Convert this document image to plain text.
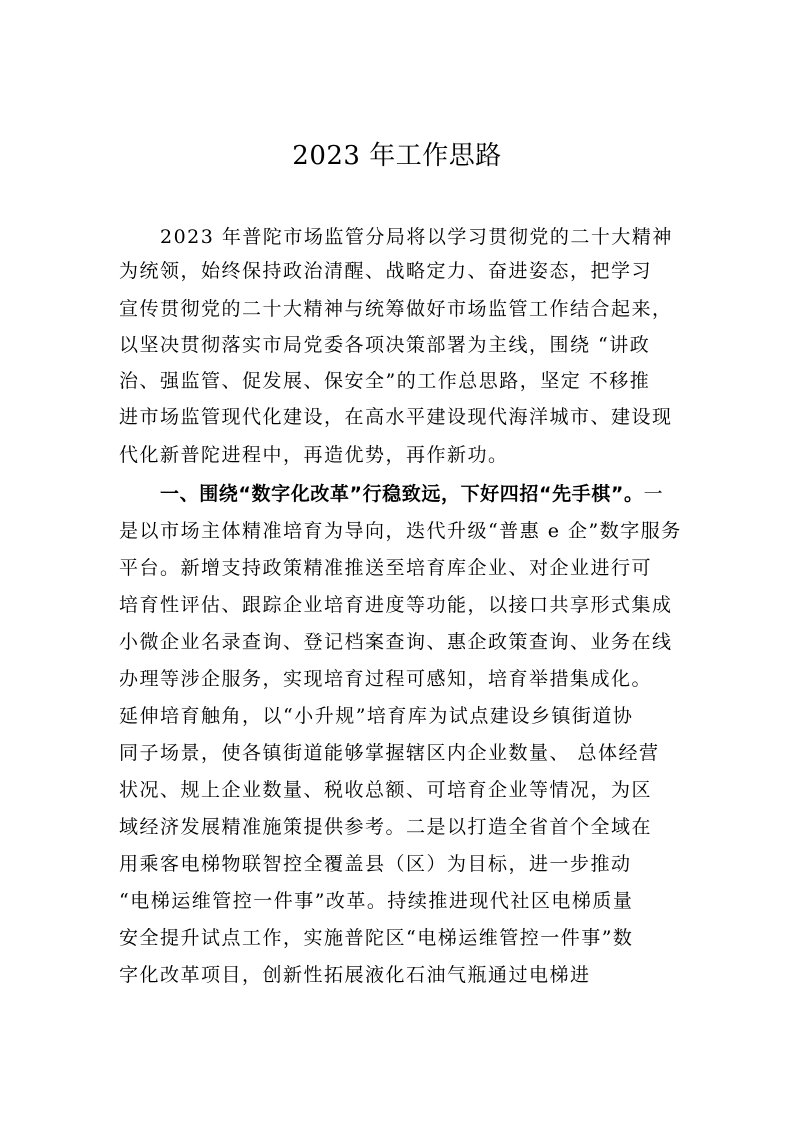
2023 年工作思路
2023 年普陀市场监管分局将以学习贯彻党的二十大精神
为统领，始终保持政治清醒、战略定力、奋进姿态，把学习
宣传贯彻党的二十大精神与统筹做好市场监管工作结合起来，
以坚决贯彻落实市局党委各项决策部署为主线，围绕 “讲政
治、强监管、促发展、保安全”的工作总思路，坚定 不移推
进市场监管现代化建设，在高水平建设现代海洋城市、建设现
代化新普陀进程中，再造优势，再作新功。
一、围绕“数字化改革”行稳致远，下好四招“先手棋”。一
是以市场主体精准培育为导向，迭代升级“普惠 e 企”数字服务
平台。新增支持政策精准推送至培育库企业、对企业进行可
培育性评估、跟踪企业培育进度等功能，以接口共享形式集成
小微企业名录查询、登记档案查询、惠企政策查询、业务在线
办理等涉企服务，实现培育过程可感知，培育举措集成化。
延伸培育触角，以“小升规”培育库为试点建设乡镇街道协
同子场景，使各镇街道能够掌握辖区内企业数量、 总体经营
状况、规上企业数量、税收总额、可培育企业等情况，为区
域经济发展精准施策提供参考。二是以打造全省首个全域在
用乘客电梯物联智控全覆盖县（区）为目标，进一步推动
“电梯运维管控一件事”改革。持续推进现代社区电梯质量
安全提升试点工作，实施普陀区“电梯运维管控一件事”数
字化改革项目，创新性拓展液化石油气瓶通过电梯进
